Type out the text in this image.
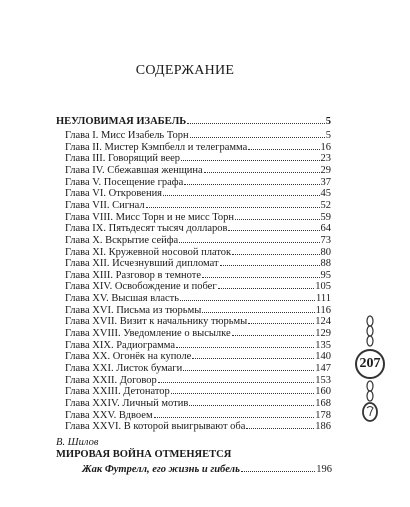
СОДЕРЖАНИЕ
НЕУЛОВИМАЯ ИЗАБЕЛЬ	5
Глава I. Мисс Изабель Торн	5
Глава II. Мистер Кэмпбелл и телеграмма	16
Глава III. Говорящий веер	23
Глава IV. Сбежавшая женщина	29
Глава V. Посещение графа	37
Глава VI. Откровения	45
Глава VII. Сигнал	52
Глава VIII. Мисс Торн и не мисс Торн	59
Глава IX. Пятьдесят тысяч долларов	64
Глава X. Вскрытие сейфа	73
Глава XI. Кружевной носовой платок	80
Глава XII. Исчезнувший дипломат	88
Глава XIII. Разговор в темноте	95
Глава XIV. Освобождение и побег	105
Глава XV. Высшая власть	111
Глава XVI. Письма из тюрьмы	116
Глава XVII. Визит к начальнику тюрьмы	124
Глава XVIII. Уведомление о высылке	129
Глава XIX. Радиограмма	135
Глава XX. Огонёк на куполе	140
Глава XXI. Листок бумаги	147
Глава XXII. Договор	153
Глава XXIII. Детонатор	160
Глава XXIV. Личный мотив	168
Глава XXV. Вдвоем	178
Глава XXVI. В которой выигрывают оба	186
В. Шилов
МИРОВАЯ ВОЙНА ОТМЕНЯЕТСЯ
Жак Футрелл, его жизнь и гибель	196
207
